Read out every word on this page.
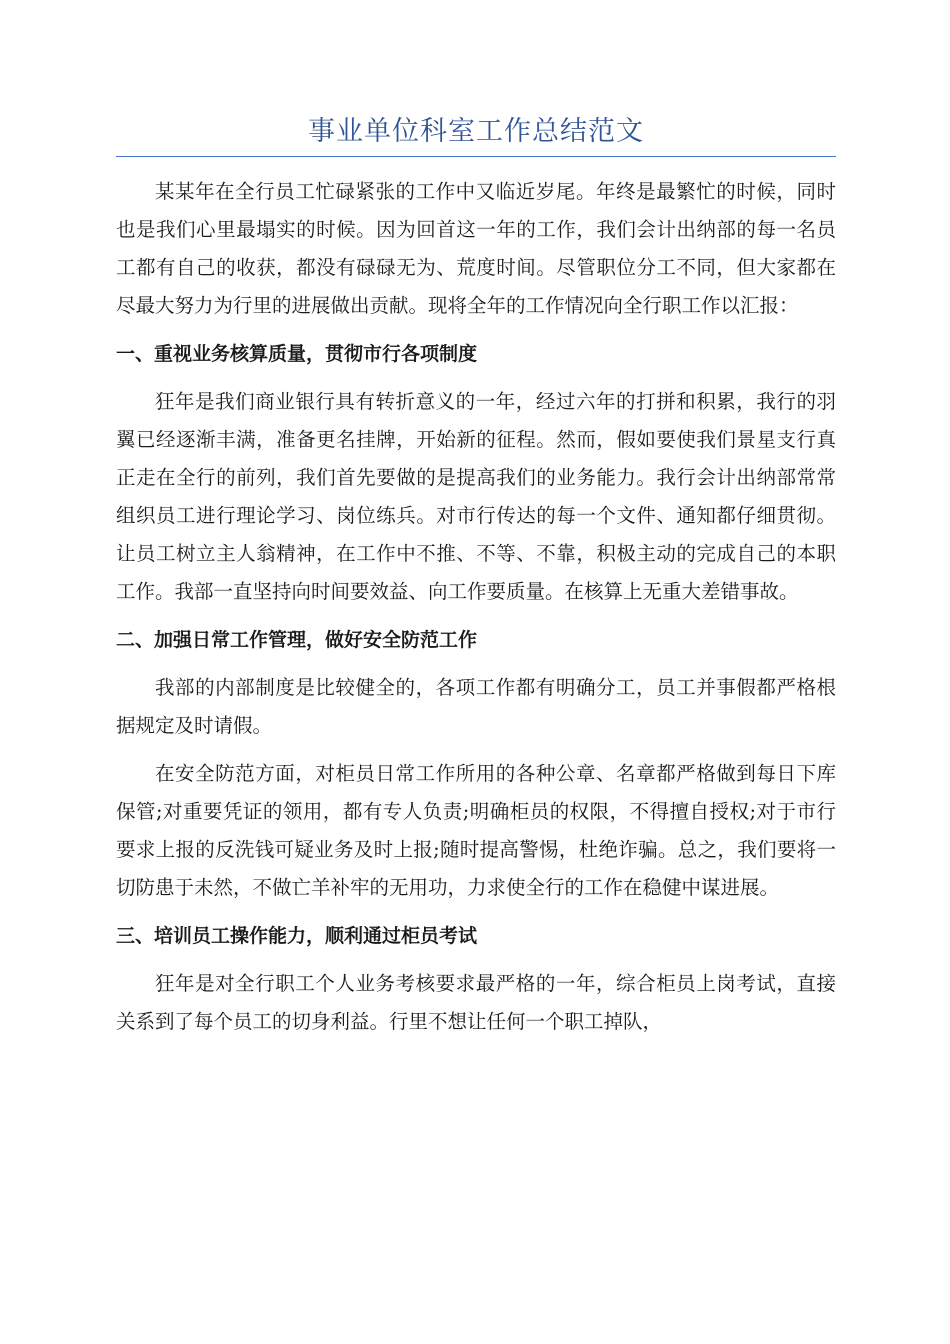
事业单位科室工作总结范文

某某年在全行员工忙碌紧张的工作中又临近岁尾。年终是最繁忙的时候，同时也是我们心里最塌实的时候。因为回首这一年的工作，我们会计出纳部的每一名员工都有自己的收获，都没有碌碌无为、荒度时间。尽管职位分工不同，但大家都在尽最大努力为行里的进展做出贡献。现将全年的工作情况向全行职工作以汇报：

一、重视业务核算质量，贯彻市行各项制度

狂年是我们商业银行具有转折意义的一年，经过六年的打拼和积累，我行的羽翼已经逐渐丰满，准备更名挂牌，开始新的征程。然而，假如要使我们景星支行真正走在全行的前列，我们首先要做的是提高我们的业务能力。我行会计出纳部常常组织员工进行理论学习、岗位练兵。对市行传达的每一个文件、通知都仔细贯彻。让员工树立主人翁精神，在工作中不推、不等、不靠，积极主动的完成自己的本职工作。我部一直坚持向时间要效益、向工作要质量。在核算上无重大差错事故。

二、加强日常工作管理，做好安全防范工作

我部的内部制度是比较健全的，各项工作都有明确分工，员工并事假都严格根据规定及时请假。

在安全防范方面，对柜员日常工作所用的各种公章、名章都严格做到每日下库保管;对重要凭证的领用，都有专人负责;明确柜员的权限，不得擅自授权;对于市行要求上报的反洗钱可疑业务及时上报;随时提高警惕，杜绝诈骗。总之，我们要将一切防患于未然，不做亡羊补牢的无用功，力求使全行的工作在稳健中谋进展。

三、培训员工操作能力，顺利通过柜员考试

狂年是对全行职工个人业务考核要求最严格的一年，综合柜员上岗考试，直接关系到了每个员工的切身利益。行里不想让任何一个职工掉队，
